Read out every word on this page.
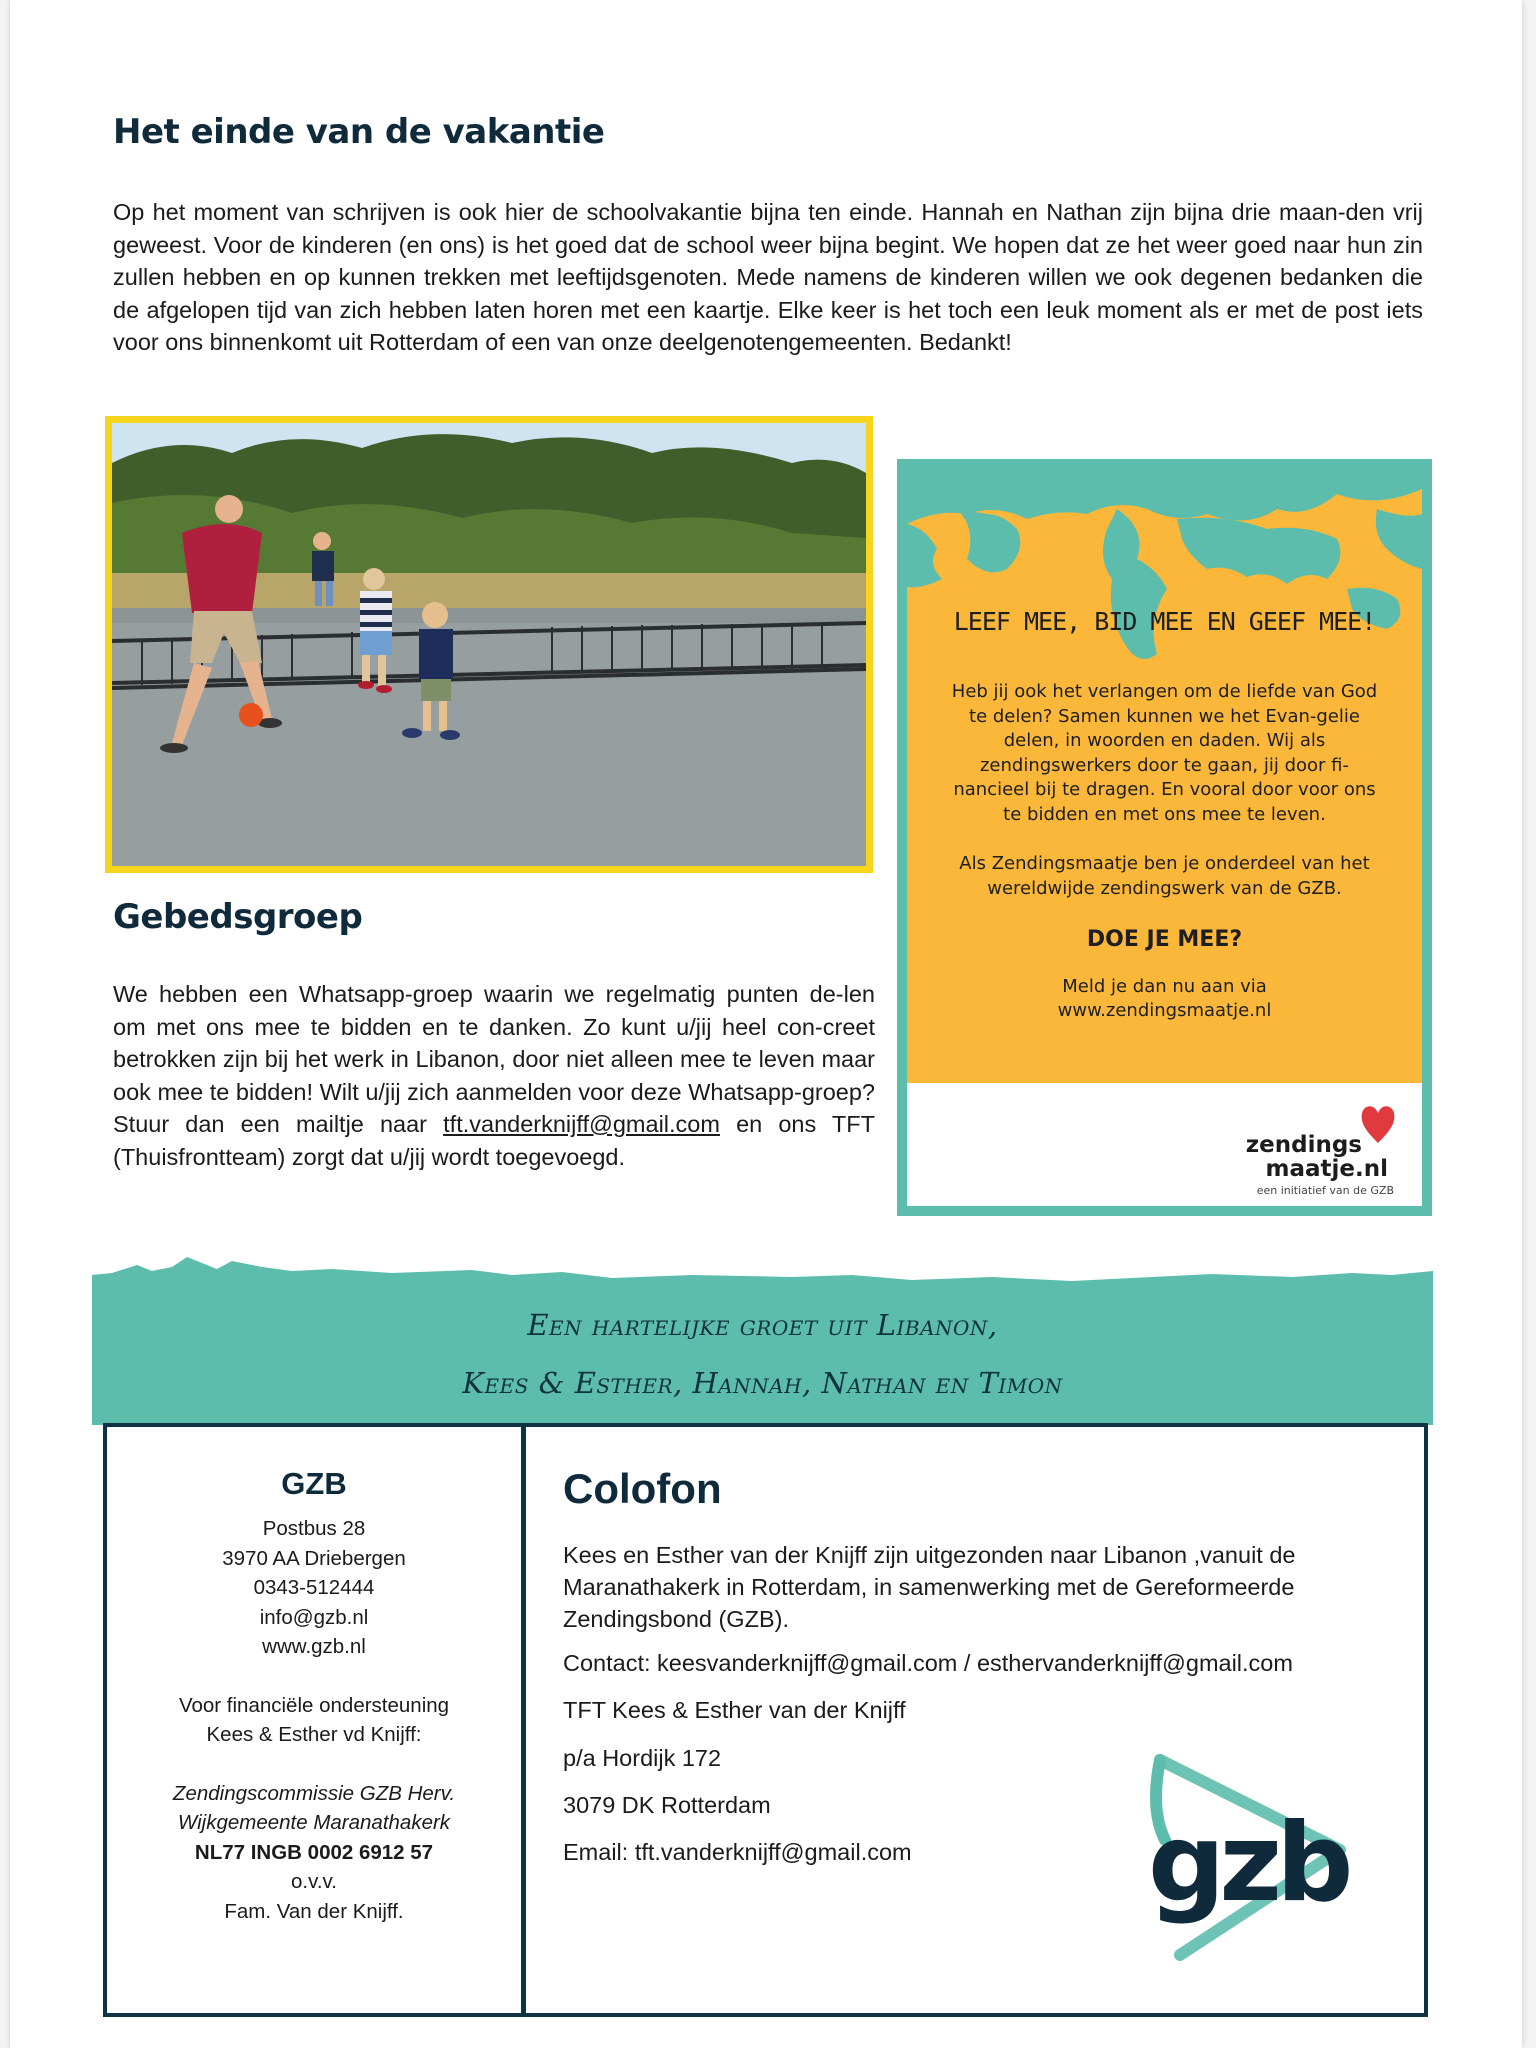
Het einde van de vakantie
Op het moment van schrijven is ook hier de schoolvakantie bijna ten einde. Hannah en Nathan zijn bijna drie maan-den vrij geweest. Voor de kinderen (en ons) is het goed dat de school weer bijna begint. We hopen dat ze het weer goed naar hun zin zullen hebben en op kunnen trekken met leeftijdsgenoten. Mede namens de kinderen willen we ook degenen bedanken die de afgelopen tijd van zich hebben laten horen met een kaartje. Elke keer is het toch een leuk moment als er met de post iets voor ons binnenkomt uit Rotterdam of een van onze deelgenotengemeenten. Bedankt!
Gebedsgroep
We hebben een Whatsapp-groep waarin we regelmatig punten de-len om met ons mee te bidden en te danken. Zo kunt u/jij heel con-creet betrokken zijn bij het werk in Libanon, door niet alleen mee te leven maar ook mee te bidden! Wilt u/jij zich aanmelden voor deze Whatsapp-groep? Stuur dan een mailtje naar tft.vanderknijff@gmail.com en ons TFT (Thuisfrontteam) zorgt dat u/jij wordt toegevoegd.
LEEF MEE, BID MEE EN GEEF MEE!
Heb jij ook het verlangen om de liefde van God te delen? Samen kunnen we het Evan-gelie delen, in woorden en daden. Wij als zendingswerkers door te gaan, jij door fi-nancieel bij te dragen. En vooral door voor ons te bidden en met ons mee te leven.
Als Zendingsmaatje ben je onderdeel van het wereldwijde zendingswerk van de GZB.
DOE JE MEE?
Meld je dan nu aan via
www.zendingsmaatje.nl
zendings
maatje.nl
een initiatief van de GZB
Een hartelijke groet uit Libanon,
Kees & Esther, Hannah, Nathan en Timon
GZB
Postbus 28
3970 AA Driebergen
0343-512444
info@gzb.nl
www.gzb.nl
Voor financiële ondersteuning
Kees & Esther vd Knijff:
Zendingscommissie GZB Herv.
Wijkgemeente Maranathakerk
NL77 INGB 0002 6912 57
o.v.v.
Fam. Van der Knijff.
Colofon
Kees en Esther van der Knijff zijn uitgezonden naar Libanon ,vanuit de Maranathakerk in Rotterdam, in samenwerking met de Gereformeerde Zendingsbond (GZB).
Contact: keesvanderknijff@gmail.com / esthervanderknijff@gmail.com
TFT Kees & Esther van der Knijff
p/a Hordijk 172
3079 DK Rotterdam
Email: tft.vanderknijff@gmail.com gzb
